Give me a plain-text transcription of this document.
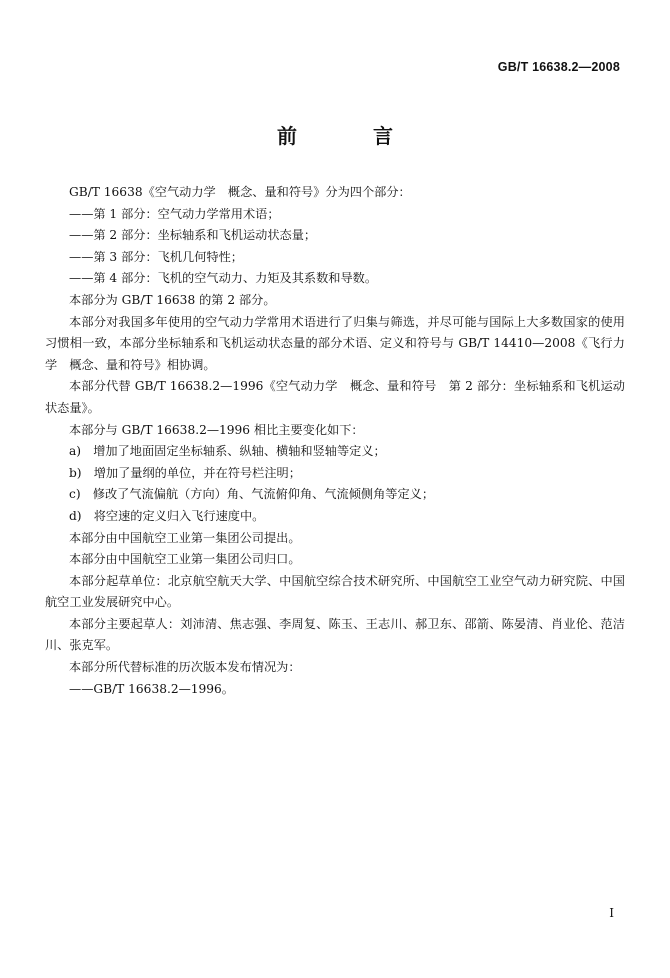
GB/T 16638.2—2008
前　言

GB/T 16638《空气动力学　概念、量和符号》分为四个部分：

——第 1 部分：空气动力学常用术语；

——第 2 部分：坐标轴系和飞机运动状态量；

——第 3 部分：飞机几何特性；

——第 4 部分：飞机的空气动力、力矩及其系数和导数。

本部分为 GB/T 16638 的第 2 部分。

本部分对我国多年使用的空气动力学常用术语进行了归集与筛选，并尽可能与国际上大多数国家的使用习惯相一致，本部分坐标轴系和飞机运动状态量的部分术语、定义和符号与 GB/T 14410—2008《飞行力学　概念、量和符号》相协调。

本部分代替 GB/T 16638.2—1996《空气动力学　概念、量和符号　第 2 部分：坐标轴系和飞机运动状态量》。

本部分与 GB/T 16638.2—1996 相比主要变化如下：

a)　增加了地面固定坐标轴系、纵轴、横轴和竖轴等定义；

b)　增加了量纲的单位，并在符号栏注明；

c)　修改了气流偏航（方向）角、气流俯仰角、气流倾侧角等定义；

d)　将空速的定义归入飞行速度中。

本部分由中国航空工业第一集团公司提出。

本部分由中国航空工业第一集团公司归口。

本部分起草单位：北京航空航天大学、中国航空综合技术研究所、中国航空工业空气动力研究院、中国航空工业发展研究中心。

本部分主要起草人：刘沛清、焦志强、李周复、陈玉、王志川、郝卫东、邵箭、陈晏清、肖业伦、范洁川、张克军。

本部分所代替标准的历次版本发布情况为：

——GB/T 16638.2—1996。

I
